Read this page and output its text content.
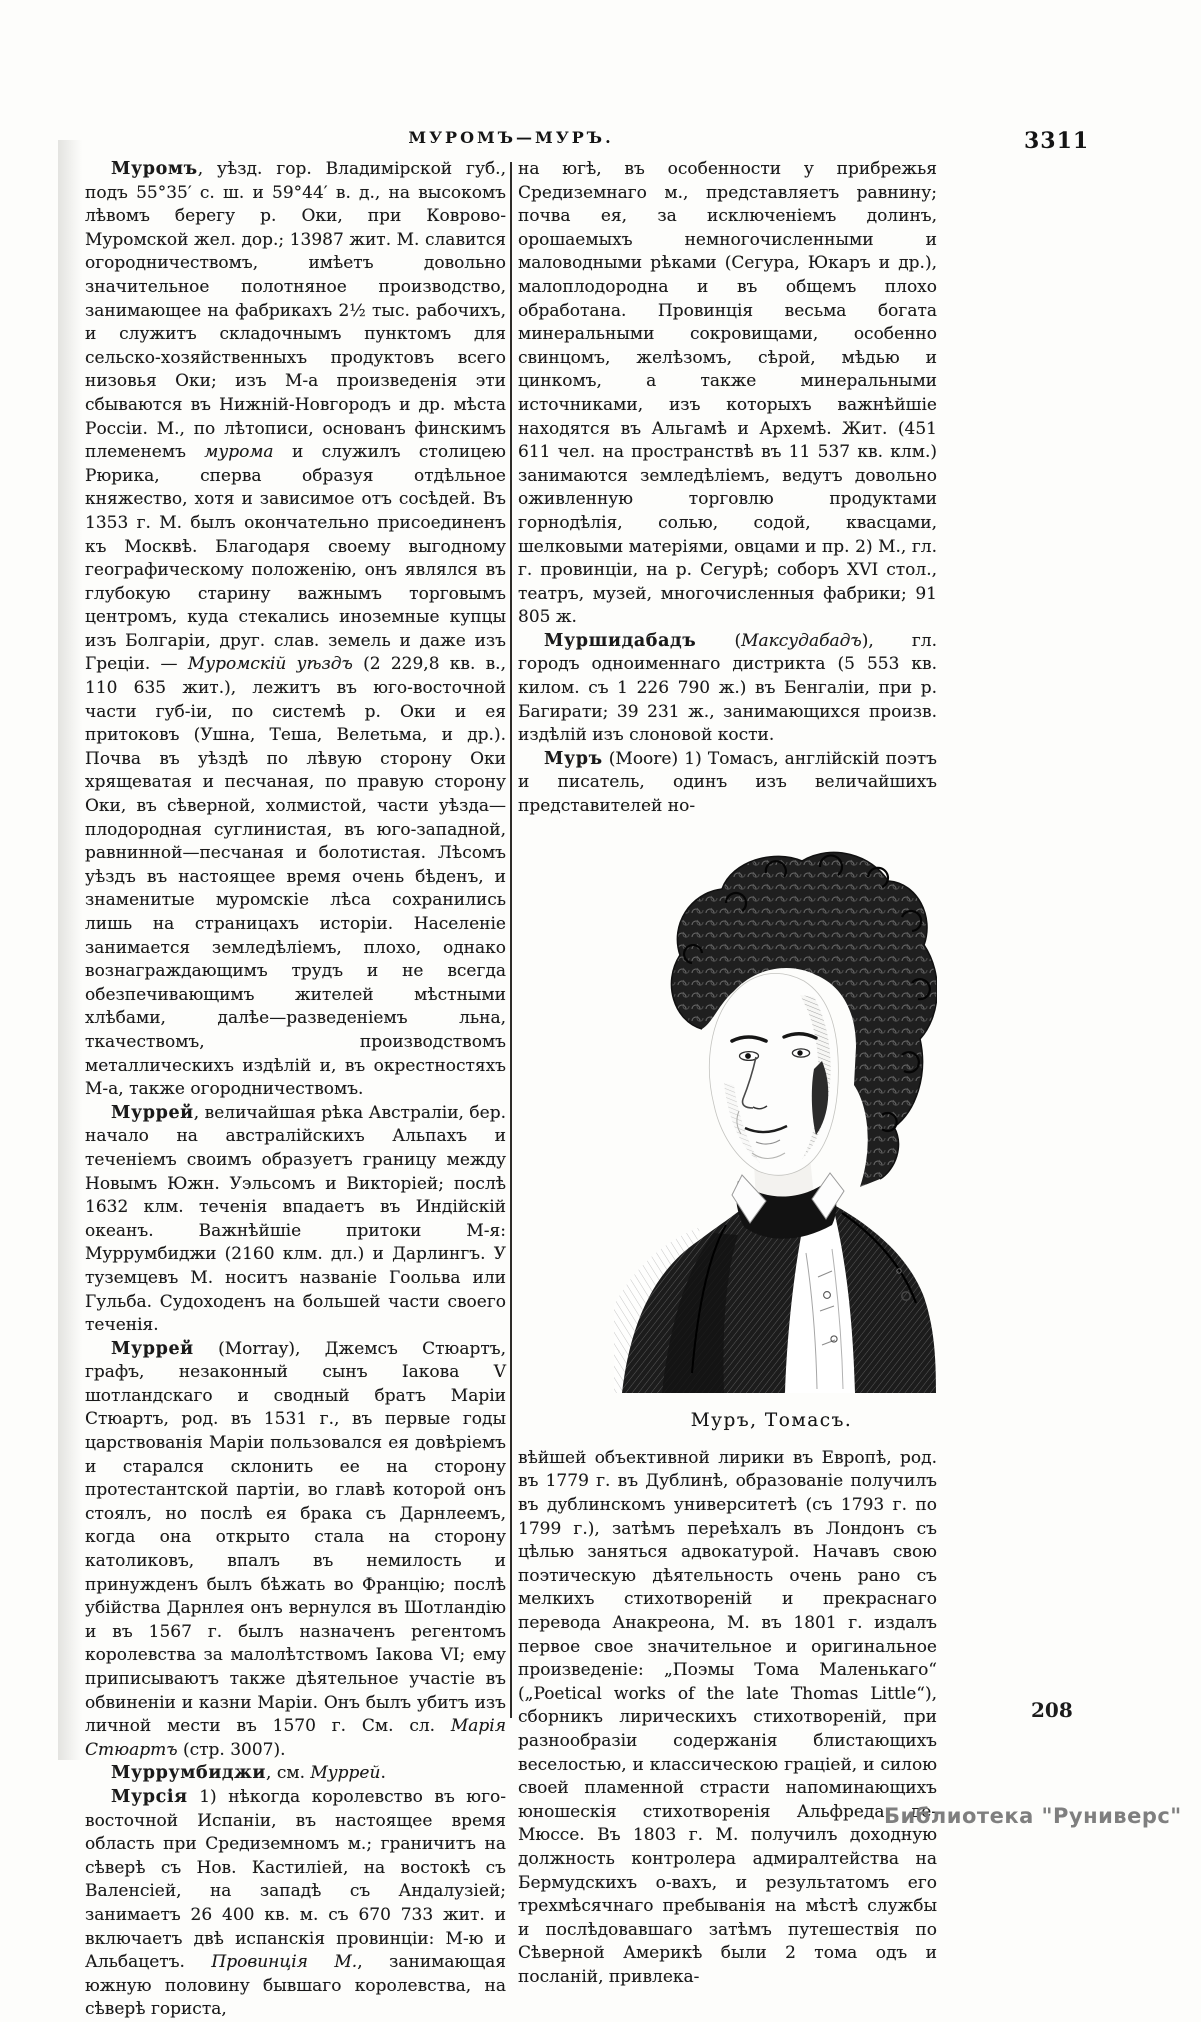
МУРОМЪ—МУРЪ.	3311

Муромъ, уѣзд. гор. Владимірской губ., подъ 55°35′ с. ш. и 59°44′ в. д., на высокомъ лѣвомъ берегу р. Оки, при Коврово-Муромской жел. дор.; 13987 жит. М. славится огородничествомъ, имѣетъ довольно значительное полотняное производство, занимающее на фабрикахъ 2½ тыс. рабочихъ, и служитъ складочнымъ пунктомъ для сельско-хозяйственныхъ продуктовъ всего низовья Оки; изъ М-а произведенія эти сбываются въ Нижній-Новгородъ и др. мѣста Россіи. М., по лѣтописи, основанъ финскимъ племенемъ мурома и служилъ столицею Рюрика, сперва образуя отдѣльное княжество, хотя и зависимое отъ сосѣдей. Въ 1353 г. М. былъ окончательно присоединенъ къ Москвѣ. Благодаря своему выгодному географическому положенію, онъ являлся въ глубокую старину важнымъ торговымъ центромъ, куда стекались иноземные купцы изъ Болгаріи, друг. слав. земель и даже изъ Греціи. — Муромскій уѣздъ (2 229,8 кв. в., 110 635 жит.), лежитъ въ юго-восточной части губ-іи, по системѣ р. Оки и ея притоковъ (Ушна, Теша, Велетьма, и др.). Почва въ уѣздѣ по лѣвую сторону Оки хрящеватая и песчаная, по правую сторону Оки, въ сѣверной, холмистой, части уѣзда—плодородная суглинистая, въ юго-западной, равнинной—песчаная и болотистая. Лѣсомъ уѣздъ въ настоящее время очень бѣденъ, и знаменитые муромскіе лѣса сохранились лишь на страницахъ исторіи. Населеніе занимается земледѣліемъ, плохо, однако вознаграждающимъ трудъ и не всегда обезпечивающимъ жителей мѣстными хлѣбами, далѣе—разведеніемъ льна, ткачествомъ, производствомъ металлическихъ издѣлій и, въ окрестностяхъ М-а, также огородничествомъ.

Муррей, величайшая рѣка Австраліи, бер. начало на австралійскихъ Альпахъ и теченіемъ своимъ образуетъ границу между Новымъ Южн. Уэльсомъ и Викторіей; послѣ 1632 клм. теченія впадаетъ въ Индійскій океанъ. Важнѣйшіе притоки М-я: Муррумбиджи (2160 клм. дл.) и Дарлингъ. У туземцевъ М. носитъ названіе Гоольва или Гульба. Судоходенъ на большей части своего теченія.

Муррей (Morray), Джемсъ Стюартъ, графъ, незаконный сынъ Іакова V шотландскаго и сводный братъ Маріи Стюартъ, род. въ 1531 г., въ первые годы царствованія Маріи пользовался ея довѣріемъ и старался склонить ее на сторону протестантской партіи, во главѣ которой онъ стоялъ, но послѣ ея брака съ Дарнлеемъ, когда она открыто стала на сторону католиковъ, впалъ въ немилость и принужденъ былъ бѣжать во Францію; послѣ убійства Дарнлея онъ вернулся въ Шотландію и въ 1567 г. былъ назначенъ регентомъ королевства за малолѣтствомъ Іакова VI; ему приписываютъ также дѣятельное участіе въ обвиненіи и казни Маріи. Онъ былъ убитъ изъ личной мести въ 1570 г. См. сл. Марія Стюартъ (стр. 3007).

Муррумбиджи, см. Муррей.

Мурсія 1) нѣкогда королевство въ юго-восточной Испаніи, въ настоящее время область при Средиземномъ м.; граничитъ на сѣверѣ съ Нов. Кастиліей, на востокѣ съ Валенсіей, на западѣ съ Андалузіей; занимаетъ 26 400 кв. м. съ 670 733 жит. и включаетъ двѣ испанскія провинціи: М-ю и Альбацетъ. Провинція М., занимающая южную половину бывшаго королевства, на сѣверѣ гориста,

на югѣ, въ особенности у прибрежья Средиземнаго м., представляетъ равнину; почва ея, за исключеніемъ долинъ, орошаемыхъ немногочисленными и маловодными рѣками (Сегура, Юкаръ и др.), малоплодородна и въ общемъ плохо обработана. Провинція весьма богата минеральными сокровищами, особенно свинцомъ, желѣзомъ, сѣрой, мѣдью и цинкомъ, а также минеральными источниками, изъ которыхъ важнѣйшіе находятся въ Альгамѣ и Архемѣ. Жит. (451 611 чел. на пространствѣ въ 11 537 кв. клм.) занимаются земледѣліемъ, ведутъ довольно оживленную торговлю продуктами горнодѣлія, солью, содой, квасцами, шелковыми матеріями, овцами и пр. 2) М., гл. г. провинціи, на р. Сегурѣ; соборъ XVI стол., театръ, музей, многочисленныя фабрики; 91 805 ж.

Муршидабадъ (Максудабадъ), гл. городъ одноименнаго дистрикта (5 553 кв. килом. съ 1 226 790 ж.) въ Бенгаліи, при р. Багирати; 39 231 ж., занимающихся произв. издѣлій изъ слоновой кости.

Муръ (Moore) 1) Томасъ, англійскій поэтъ и писатель, одинъ изъ величайшихъ представителей но-

Муръ, Томасъ.

вѣйшей объективной лирики въ Европѣ, род. въ 1779 г. въ Дублинѣ, образованіе получилъ въ дублинскомъ университетѣ (съ 1793 г. по 1799 г.), затѣмъ переѣхалъ въ Лондонъ съ цѣлью заняться адвокатурой. Начавъ свою поэтическую дѣятельность очень рано съ мелкихъ стихотвореній и прекраснаго перевода Анакреона, М. въ 1801 г. издалъ первое свое значительное и оригинальное произведеніе: „Поэмы Тома Маленькаго“ („Poetical works of the late Thomas Little“), сборникъ лирическихъ стихотвореній, при разнообразіи содержанія блистающихъ веселостью, и классическою граціей, и силою своей пламенной страсти напоминающихъ юношескія стихотворенія Альфреда де-Мюссе. Въ 1803 г. М. получилъ доходную должность контролера адмиралтейства на Бермудскихъ о-вахъ, и результатомъ его трехмѣсячнаго пребыванія на мѣстѣ службы и послѣдовавшаго затѣмъ путешествія по Сѣверной Америкѣ были 2 тома одъ и посланій, привлека-

208
Библиотека "Руниверс"
